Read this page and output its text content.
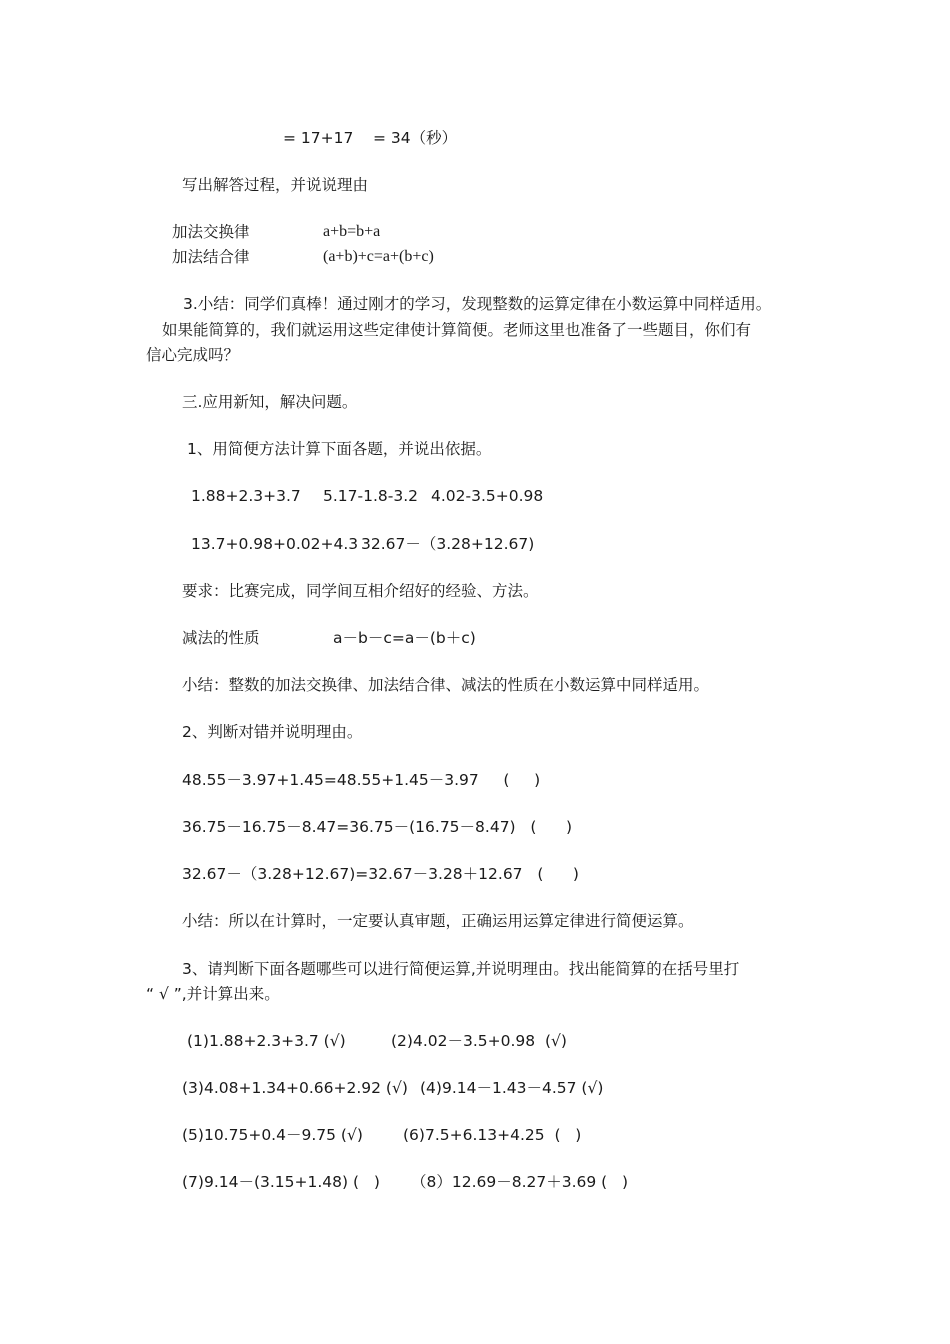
= 17+17 = 34（秒）
写出解答过程，并说说理由
加法交换律	a+b=b+a
加法结合律	(a+b)+c=a+(b+c)
3.小结：同学们真棒！通过刚才的学习，发现整数的运算定律在小数运算中同样适用。
如果能简算的，我们就运用这些定律使计算简便。老师这里也准备了一些题目，你们有
信心完成吗？
三.应用新知，解决问题。
1、用简便方法计算下面各题，并说出依据。
1.88+2.3+3.7 5.17-1.8-3.2 4.02-3.5+0.98
13.7+0.98+0.02+4.3 32.67－（3.28+12.67)
要求：比赛完成，同学间互相介绍好的经验、方法。
减法的性质	a－b－c=a－(b＋c)
小结：整数的加法交换律、加法结合律、减法的性质在小数运算中同样适用。
2、判断对错并说明理由。
48.55－3.97+1.45=48.55+1.45－3.97     (     )
36.75－16.75－8.47=36.75－(16.75－8.47)   (      )
32.67－（3.28+12.67)=32.67－3.28＋12.67   (      )
小结：所以在计算时，一定要认真审题，正确运用运算定律进行简便运算。
3、请判断下面各题哪些可以进行简便运算,并说明理由。找出能简算的在括号里打
“ √ ”,并计算出来。
(1)1.88+2.3+3.7 (√)	(2)4.02－3.5+0.98  (√)
(3)4.08+1.34+0.66+2.92 (√) (4)9.14－1.43－4.57 (√)
(5)10.75+0.4－9.75 (√)	(6)7.5+6.13+4.25  (   )
(7)9.14－(3.15+1.48) (   ) （8）12.69－8.27＋3.69 (   )
